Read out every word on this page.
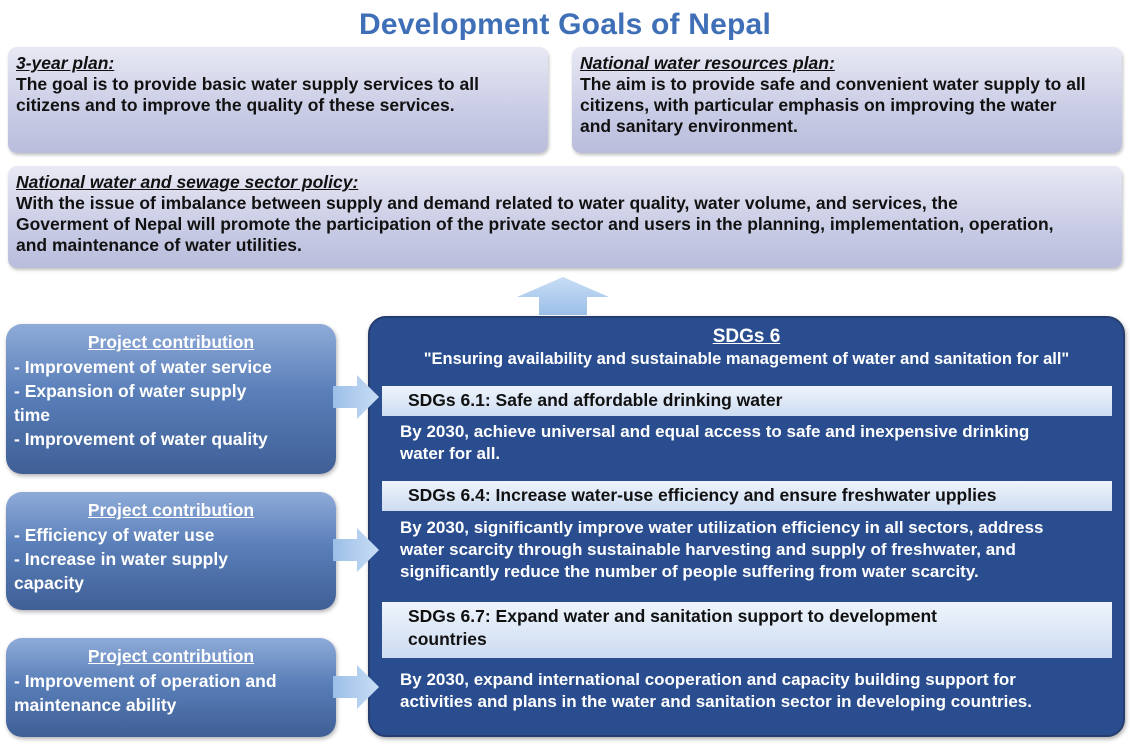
Development Goals of Nepal
3-year plan:
The goal is to provide basic water supply services to all
citizens and to improve the quality of these services.
National water resources plan:
The aim is to provide safe and convenient water supply to all
citizens, with particular emphasis on improving the water
and sanitary environment.
National water and sewage sector policy:
With the issue of imbalance between supply and demand related to water quality, water volume, and services, the
Goverment of Nepal will promote the participation of the private sector and users in the planning, implementation, operation,
and maintenance of water utilities.
Project contribution
- Improvement of water service
- Expansion of water supply
time
- Improvement of water quality
Project contribution
- Efficiency of water use
- Increase in water supply
capacity
Project contribution
- Improvement of operation and
maintenance ability
SDGs 6
"Ensuring availability and sustainable management of water and sanitation for all"
SDGs 6.1: Safe and affordable drinking water
By 2030, achieve universal and equal access to safe and inexpensive drinking
water for all.
SDGs 6.4: Increase water-use efficiency and ensure freshwater upplies
By 2030, significantly improve water utilization efficiency in all sectors, address
water scarcity through sustainable harvesting and supply of freshwater, and
significantly reduce the number of people suffering from water scarcity.
SDGs 6.7: Expand water and sanitation support to development
countries
By 2030, expand international cooperation and capacity building support for
activities and plans in the water and sanitation sector in developing countries.
